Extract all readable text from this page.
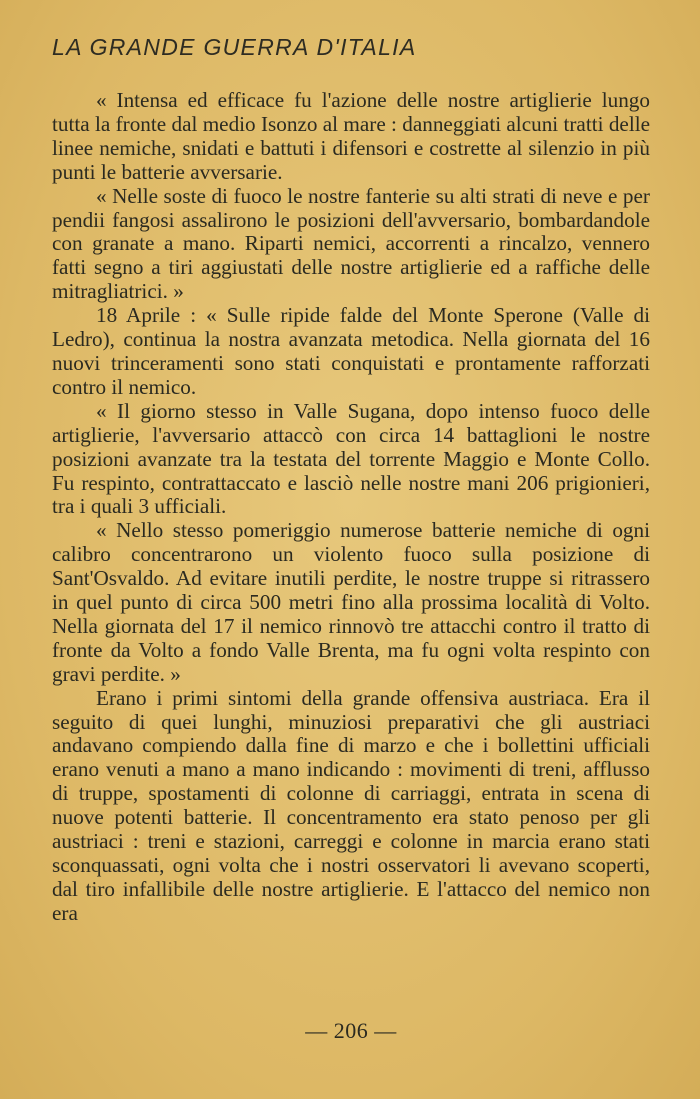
LA GRANDE GUERRA D'ITALIA

« Intensa ed efficace fu l'azione delle nostre artiglierie lungo tutta la fronte dal medio Isonzo al mare : danneggiati alcuni tratti delle linee nemiche, snidati e battuti i difensori e costrette al silenzio in più punti le batterie avversarie.

« Nelle soste di fuoco le nostre fanterie su alti strati di neve e per pendii fangosi assalirono le posizioni dell'avversario, bombardandole con granate a mano. Riparti nemici, accorrenti a rincalzo, vennero fatti segno a tiri aggiustati delle nostre artiglierie ed a raffiche delle mitragliatrici. »

18 Aprile : « Sulle ripide falde del Monte Sperone (Valle di Ledro), continua la nostra avanzata metodica. Nella giornata del 16 nuovi trinceramenti sono stati conquistati e prontamente rafforzati contro il nemico.

« Il giorno stesso in Valle Sugana, dopo intenso fuoco delle artiglierie, l'avversario attaccò con circa 14 battaglioni le nostre posizioni avanzate tra la testata del torrente Maggio e Monte Collo. Fu respinto, contrattaccato e lasciò nelle nostre mani 206 prigionieri, tra i quali 3 ufficiali.

« Nello stesso pomeriggio numerose batterie nemiche di ogni calibro concentrarono un violento fuoco sulla posizione di Sant'Osvaldo. Ad evitare inutili perdite, le nostre truppe si ritrassero in quel punto di circa 500 metri fino alla prossima località di Volto. Nella giornata del 17 il nemico rinnovò tre attacchi contro il tratto di fronte da Volto a fondo Valle Brenta, ma fu ogni volta respinto con gravi perdite. »

Erano i primi sintomi della grande offensiva austriaca. Era il seguito di quei lunghi, minuziosi preparativi che gli austriaci andavano compiendo dalla fine di marzo e che i bollettini ufficiali erano venuti a mano a mano indicando : movimenti di treni, afflusso di truppe, spostamenti di colonne di carriaggi, entrata in scena di nuove potenti batterie. Il concentramento era stato penoso per gli austriaci : treni e stazioni, carreggi e colonne in marcia erano stati sconquassati, ogni volta che i nostri osservatori li avevano scoperti, dal tiro infallibile delle nostre artiglierie. E l'attacco del nemico non era

— 206 —
